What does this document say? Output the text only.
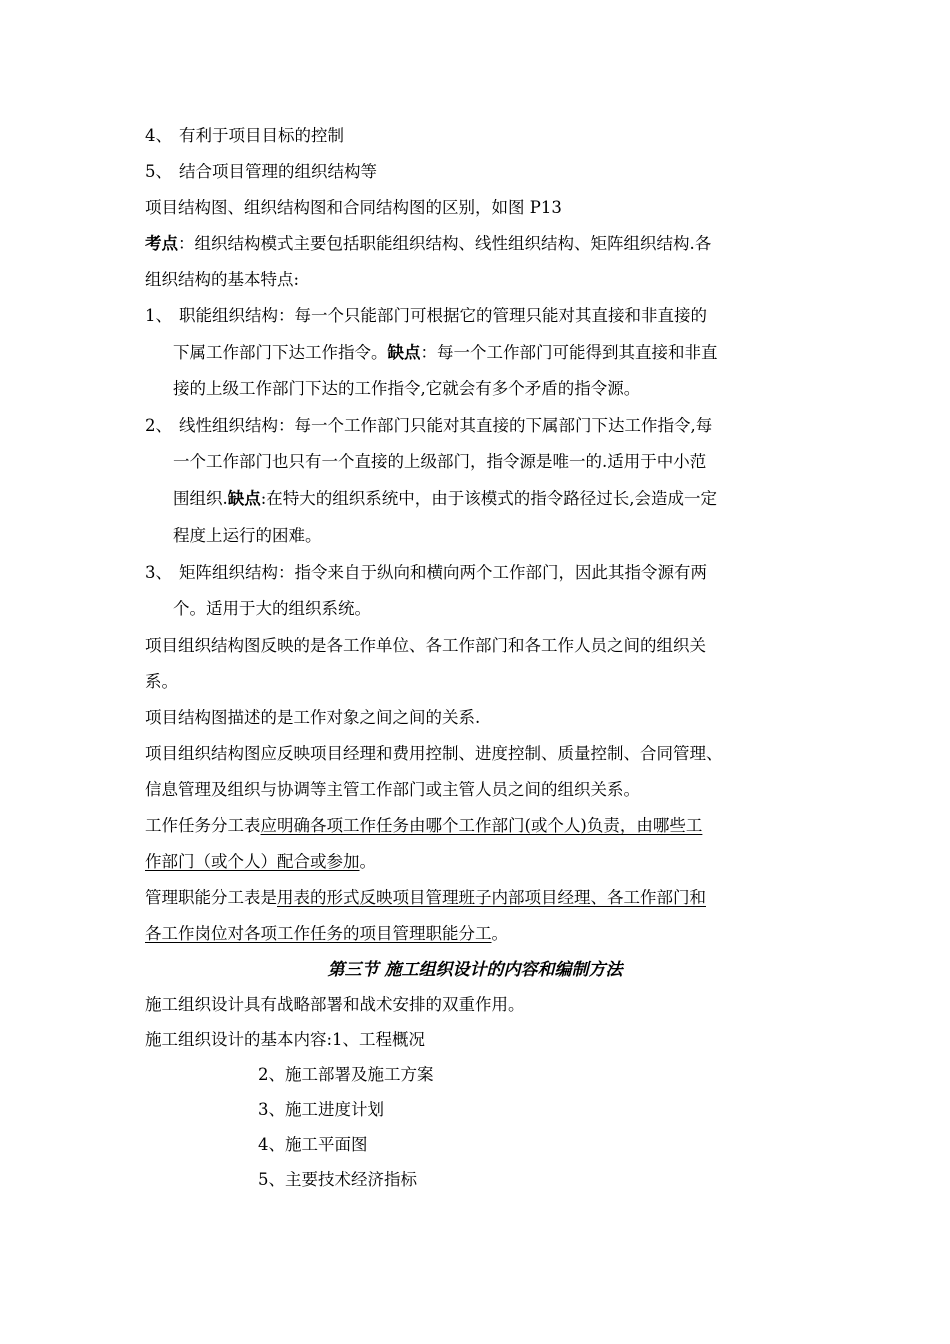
4、 有利于项目目标的控制
5、 结合项目管理的组织结构等
项目结构图、组织结构图和合同结构图的区别，如图 P13
考点：组织结构模式主要包括职能组织结构、线性组织结构、矩阵组织结构.各
组织结构的基本特点:
1、 职能组织结构：每一个只能部门可根据它的管理只能对其直接和非直接的
下属工作部门下达工作指令。缺点：每一个工作部门可能得到其直接和非直
接的上级工作部门下达的工作指令,它就会有多个矛盾的指令源。
2、 线性组织结构：每一个工作部门只能对其直接的下属部门下达工作指令,每
一个工作部门也只有一个直接的上级部门，指令源是唯一的.适用于中小范
围组织.缺点:在特大的组织系统中，由于该模式的指令路径过长,会造成一定
程度上运行的困难。
3、 矩阵组织结构：指令来自于纵向和横向两个工作部门，因此其指令源有两
个。适用于大的组织系统。
项目组织结构图反映的是各工作单位、各工作部门和各工作人员之间的组织关
系。
项目结构图描述的是工作对象之间之间的关系.
项目组织结构图应反映项目经理和费用控制、进度控制、质量控制、合同管理、
信息管理及组织与协调等主管工作部门或主管人员之间的组织关系。
工作任务分工表应明确各项工作任务由哪个工作部门(或个人)负责，由哪些工
作部门（或个人）配合或参加。
管理职能分工表是用表的形式反映项目管理班子内部项目经理、各工作部门和
各工作岗位对各项工作任务的项目管理职能分工。
第三节 施工组织设计的内容和编制方法
施工组织设计具有战略部署和战术安排的双重作用。
施工组织设计的基本内容:1、工程概况
2、施工部署及施工方案
3、施工进度计划
4、施工平面图
5、主要技术经济指标
